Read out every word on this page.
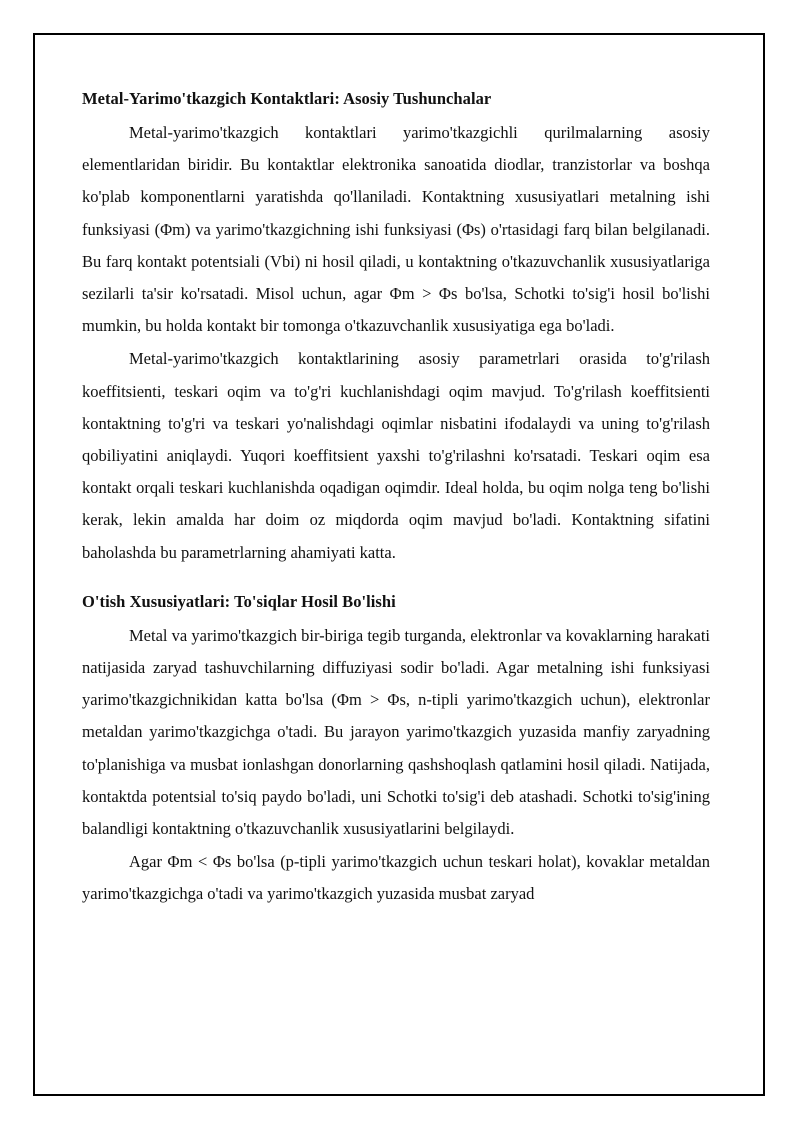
Metal-Yarimo'tkazgich Kontaktlari: Asosiy Tushunchalar

Metal-yarimo'tkazgich kontaktlari yarimo'tkazgichli qurilmalarning asosiy elementlaridan biridir. Bu kontaktlar elektronika sanoatida diodlar, tranzistorlar va boshqa ko'plab komponentlarni yaratishda qo'llaniladi. Kontaktning xususiyatlari metalning ishi funksiyasi (Φm) va yarimo'tkazgichning ishi funksiyasi (Φs) o'rtasidagi farq bilan belgilanadi. Bu farq kontakt potentsiali (Vbi) ni hosil qiladi, u kontaktning o'tkazuvchanlik xususiyatlariga sezilarli ta'sir ko'rsatadi. Misol uchun, agar Φm > Φs bo'lsa, Schotki to'sig'i hosil bo'lishi mumkin, bu holda kontakt bir tomonga o'tkazuvchanlik xususiyatiga ega bo'ladi.

Metal-yarimo'tkazgich kontaktlarining asosiy parametrlari orasida to'g'rilash koeffitsienti, teskari oqim va to'g'ri kuchlanishdagi oqim mavjud. To'g'rilash koeffitsienti kontaktning to'g'ri va teskari yo'nalishdagi oqimlar nisbatini ifodalaydi va uning to'g'rilash qobiliyatini aniqlaydi. Yuqori koeffitsient yaxshi to'g'rilashni ko'rsatadi. Teskari oqim esa kontakt orqali teskari kuchlanishda oqadigan oqimdir. Ideal holda, bu oqim nolga teng bo'lishi kerak, lekin amalda har doim oz miqdorda oqim mavjud bo'ladi. Kontaktning sifatini baholashda bu parametrlarning ahamiyati katta.

O'tish Xususiyatlari: To'siqlar Hosil Bo'lishi

Metal va yarimo'tkazgich bir-biriga tegib turganda, elektronlar va kovaklarning harakati natijasida zaryad tashuvchilarning diffuziyasi sodir bo'ladi. Agar metalning ishi funksiyasi yarimo'tkazgichnikidan katta bo'lsa (Φm > Φs, n-tipli yarimo'tkazgich uchun), elektronlar metaldan yarimo'tkazgichga o'tadi. Bu jarayon yarimo'tkazgich yuzasida manfiy zaryadning to'planishiga va musbat ionlashgan donorlarning qashshoqlash qatlamini hosil qiladi. Natijada, kontaktda potentsial to'siq paydo bo'ladi, uni Schotki to'sig'i deb atashadi. Schotki to'sig'ining balandligi kontaktning o'tkazuvchanlik xususiyatlarini belgilaydi.

Agar Φm < Φs bo'lsa (p-tipli yarimo'tkazgich uchun teskari holat), kovaklar metaldan yarimo'tkazgichga o'tadi va yarimo'tkazgich yuzasida musbat zaryad
